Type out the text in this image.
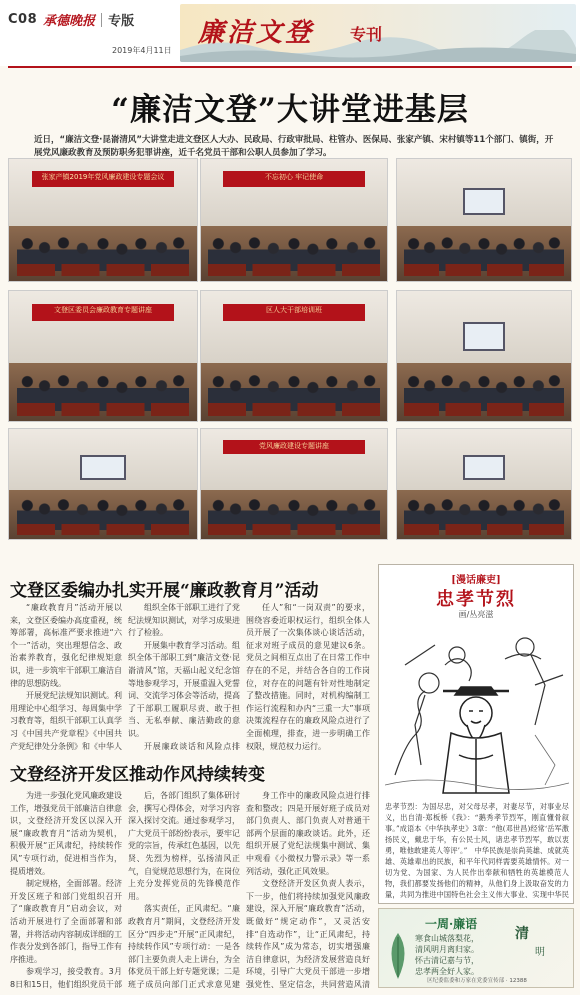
C08 承德晚报 专版
2019年4月11日
廉洁文登 专刊
“廉洁文登”大讲堂进基层
近日，“廉洁文登·昆嵛清风”大讲堂走进文登区人大办、民政局、行政审批局、柱管办、医保局、张家产镇、宋村镇等11个部门、镇街，开展党风廉政教育及预防职务犯罪讲座，近千名党员干部和公职人员参加了学习。
张家产镇2019年党风廉政建设专题会议	不忘初心 牢记使命
文登区委员会廉政教育专题讲座	区人大干部培训班
党风廉政建设专题讲座
文登区委编办扎实开展“廉政教育月”活动

“廉政教育月”活动开展以来，文登区委编办高度重视，统筹部署，高标准严要求推进“六个一”活动，突出理想信念、政治素养教育，强化纪律规矩意识，进一步筑牢干部职工廉洁自律的思想防线。

开展党纪法规知识测试。利用理论中心组学习、每周集中学习教育等，组织干部职工认真学习《中国共产党章程》《中国共产党纪律处分条例》和《中华人

组织全体干部职工进行了党纪法规知识测试，对学习成果进行了检验。

开展集中教育学习活动。组织全体干部职工到“廉洁文登·昆嵛清风”馆，天福山起义纪念馆等地参观学习，开展重温入党誓词、交流学习体会等活动，提高了干部职工履职尽责、敢于担当、无私奉献、廉洁勤政的意识。

开展廉政谈话和风险点排

任人”和“一岗双责”的要求，围绕容委近职权运行，组织全体人员开展了一次集体谈心谈话活动，征求对班子成员的意见建议6条。党员之间相互点出了在日常工作中存在的不足，并结合各自的工作岗位，对存在的问题有针对性地制定了整改措施。同时，对机构编制工作运行流程和办内“三重一大”事项决策流程存在的廉政风险点进行了全面梳理，排查，进一步明确工作权限，规范权力运行。

文登经济开发区推动作风持续转变

为进一步强化党风廉政建设工作，增强党员干部廉洁自律意识，文登经济开发区以深入开展“廉政教育月”活动为契机，积极开展“正风肃纪，持续转作风”专项行动，促进相当作为，提质增效。

制定规格，全面部署。经济开发区班子和部门党组织召开了“廉政教育月”启动会议，对活动开展进行了全面部署和部署，并将活动内容制成详细的工作表分发到各部门，指导工作有序推进。

参观学习，接受教育。3月8日和15日，他们组织党员干部

后，各部门组织了集体研讨会，撰写心得体会，对学习内容深入探讨交流。通过参观学习，广大党员干部纷纷表示，要牢记党的宗旨，传承红色基因，以先贤、先烈为榜样，弘扬清风正气，自觉规范思想行为，在岗位上充分发挥党员的先锋模范作用。

落实责任，正风肃纪。“廉政教育月”期间，文登经济开发区分“四步走”开展“正风肃纪，持续转作风”专项行动：一是各部门主要负责人走上讲台，为全体党员干部上好专题党课；二是班子成员向部门正式求意见建

身工作中的廉政风险点进行排查和整改；四是开展好班子成员对部门负责人、部门负责人对普通干部两个层面的廉政谈话。此外，还组织开展了党纪法规集中测试、集中观看《小微权力警示录》等一系列活动，强化正风效果。

文登经济开发区负责人表示，下一步，他们将持续加强党风廉政建设，深入开展“廉政教育”活动，既做好“规定动作”，又灵活安排“自选动作”，让“正风肃纪，持续转作风”成为常态，切实增强廉洁自律意识，为经济发展营造良好环境，引导广大党员干部进一步增强党性、坚定信念，共同营造风清

[漫话廉吏]
忠孝节烈
画/丛亮滋
忠孝节烈：为国尽忠，对父母尽孝，对妻尽节，对事业尽义，出自清·郑板桥《我》：“鹅秀孝节烈军，刚直懂骨叙事。”成语本《中华执孝史》3章：“他(邓世昌)经常‘岳军激扬民义，戴忠于华，有公民士风，诸忠孝节烈军，敢以衷勇，唯他敢建英人等评’。”　中华民族是崇尚英雄、成就英雄、英雄辈出的民族，和平年代同样需要英雄情怀。对一切为党、为国家、为人民作出奉献和牺牲的英雄模范人物，我们都要发扬他们的精神，从他们身上汲取奋发的力量，共同为推进中国特色社会主义伟大事业、实现中华民
一周·廉语
寒食山城落梨花，
清风明月离归家。
怀古清记嘉与节，
忠孝两全好人家。
清
明
区纪委监委和万家在党委宣传部 · 12388
